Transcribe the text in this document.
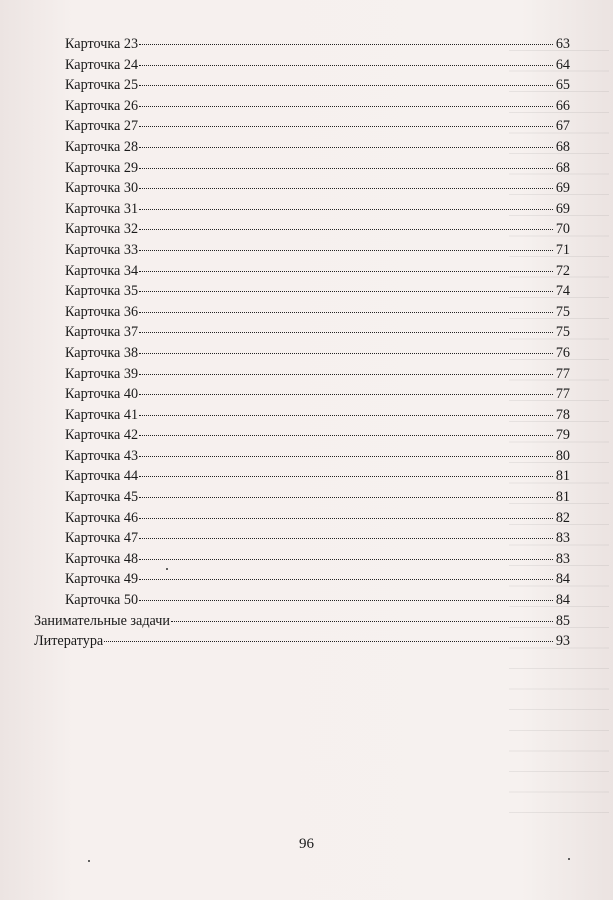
Карточка 23	63
Карточка 24	64
Карточка 25	65
Карточка 26	66
Карточка 27	67
Карточка 28	68
Карточка 29	68
Карточка 30	69
Карточка 31	69
Карточка 32	70
Карточка 33	71
Карточка 34	72
Карточка 35	74
Карточка 36	75
Карточка 37	75
Карточка 38	76
Карточка 39	77
Карточка 40	77
Карточка 41	78
Карточка 42	79
Карточка 43	80
Карточка 44	81
Карточка 45	81
Карточка 46	82
Карточка 47	83
Карточка 48	83
Карточка 49	84
Карточка 50	84
Занимательные задачи	85
Литература	93
96
